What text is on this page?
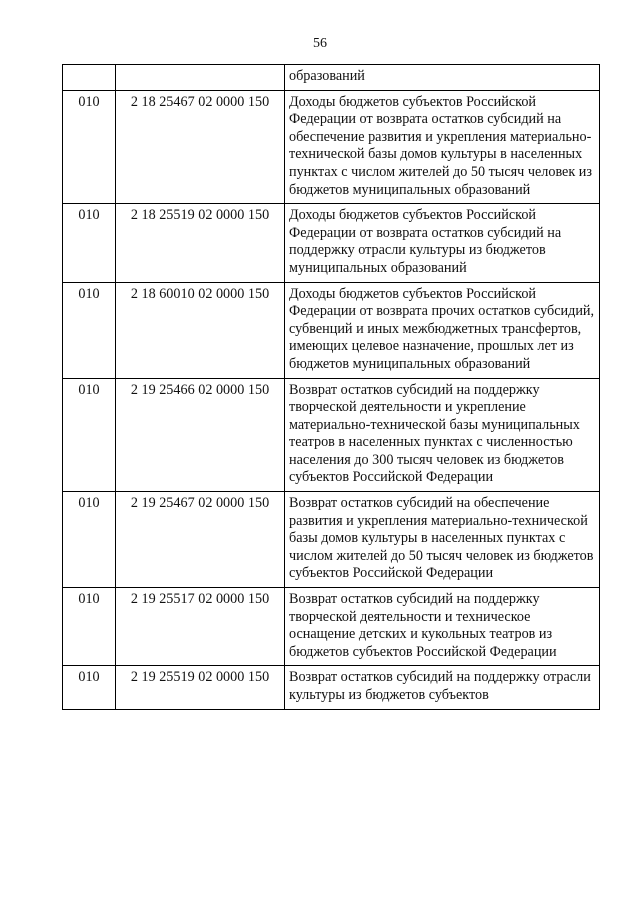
56
		образований
010	2 18 25467 02 0000 150	Доходы бюджетов субъектов Российской Федерации от возврата остатков субсидий на обеспечение развития и укрепления материально-технической базы домов культуры в населенных пунктах с числом жителей до 50 тысяч человек из бюджетов муниципальных образований
010	2 18 25519 02 0000 150	Доходы бюджетов субъектов Российской Федерации от возврата остатков субсидий на поддержку отрасли культуры из бюджетов муниципальных образований
010	2 18 60010 02 0000 150	Доходы бюджетов субъектов Российской Федерации от возврата прочих остатков субсидий, субвенций и иных межбюджетных трансфертов, имеющих целевое назначение, прошлых лет из бюджетов муниципальных образований
010	2 19 25466 02 0000 150	Возврат остатков субсидий на поддержку творческой деятельности и укрепление материально-технической базы муниципальных театров в населенных пунктах с численностью населения до 300 тысяч человек из бюджетов субъектов Российской Федерации
010	2 19 25467 02 0000 150	Возврат остатков субсидий на обеспечение развития и укрепления материально-технической базы домов культуры в населенных пунктах с числом жителей до 50 тысяч человек из бюджетов субъектов Российской Федерации
010	2 19 25517 02 0000 150	Возврат остатков субсидий на поддержку творческой деятельности и техническое оснащение детских и кукольных театров из бюджетов субъектов Российской Федерации
010	2 19 25519 02 0000 150	Возврат остатков субсидий на поддержку отрасли культуры из бюджетов субъектов
